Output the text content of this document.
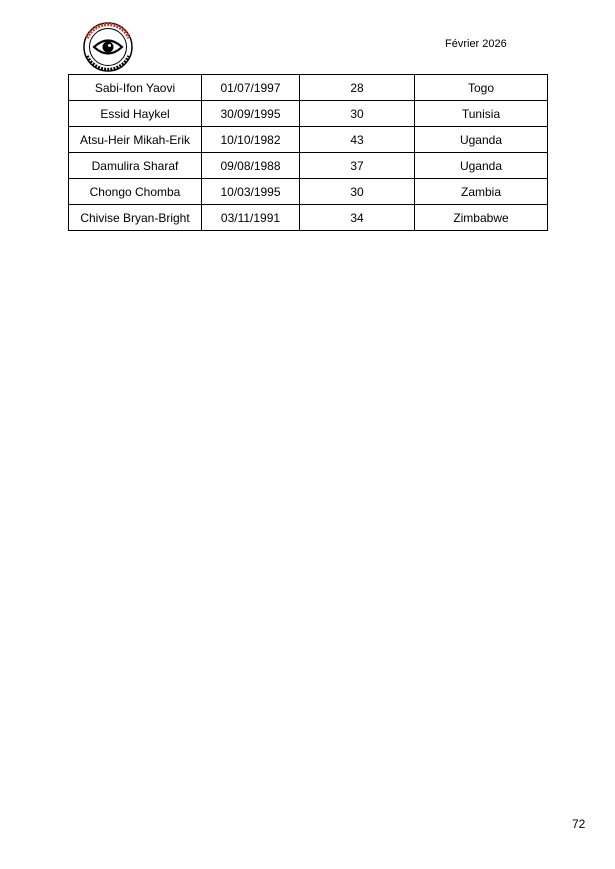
Février 2026
Sabi-Ifon Yaovi	01/07/1997	28	Togo
Essid Haykel	30/09/1995	30	Tunisia
Atsu-Heir Mikah-Erik	10/10/1982	43	Uganda
Damulira Sharaf	09/08/1988	37	Uganda
Chongo Chomba	10/03/1995	30	Zambia
Chivise Bryan-Bright	03/11/1991	34	Zimbabwe
72
